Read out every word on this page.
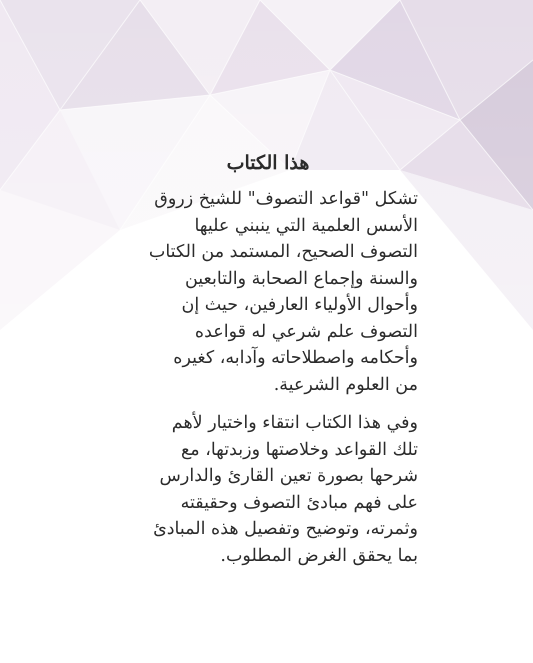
هذا الكتاب

تشكل "قواعد التصوف" للشيخ زروق

الأسس العلمية التي ينبني عليها

التصوف الصحيح، المستمد من الكتاب

والسنة وإجماع الصحابة والتابعين

وأحوال الأولياء العارفين، حيث إن

التصوف علم شرعي له قواعده

وأحكامه واصطلاحاته وآدابه، كغيره

من العلوم الشرعية.

وفي هذا الكتاب انتقاء واختيار لأهم

تلك القواعد وخلاصتها وزبدتها، مع

شرحها بصورة تعين القارئ والدارس

على فهم مبادئ التصوف وحقيقته

وثمرته، وتوضيح وتفصيل هذه المبادئ

بما يحقق الغرض المطلوب.
